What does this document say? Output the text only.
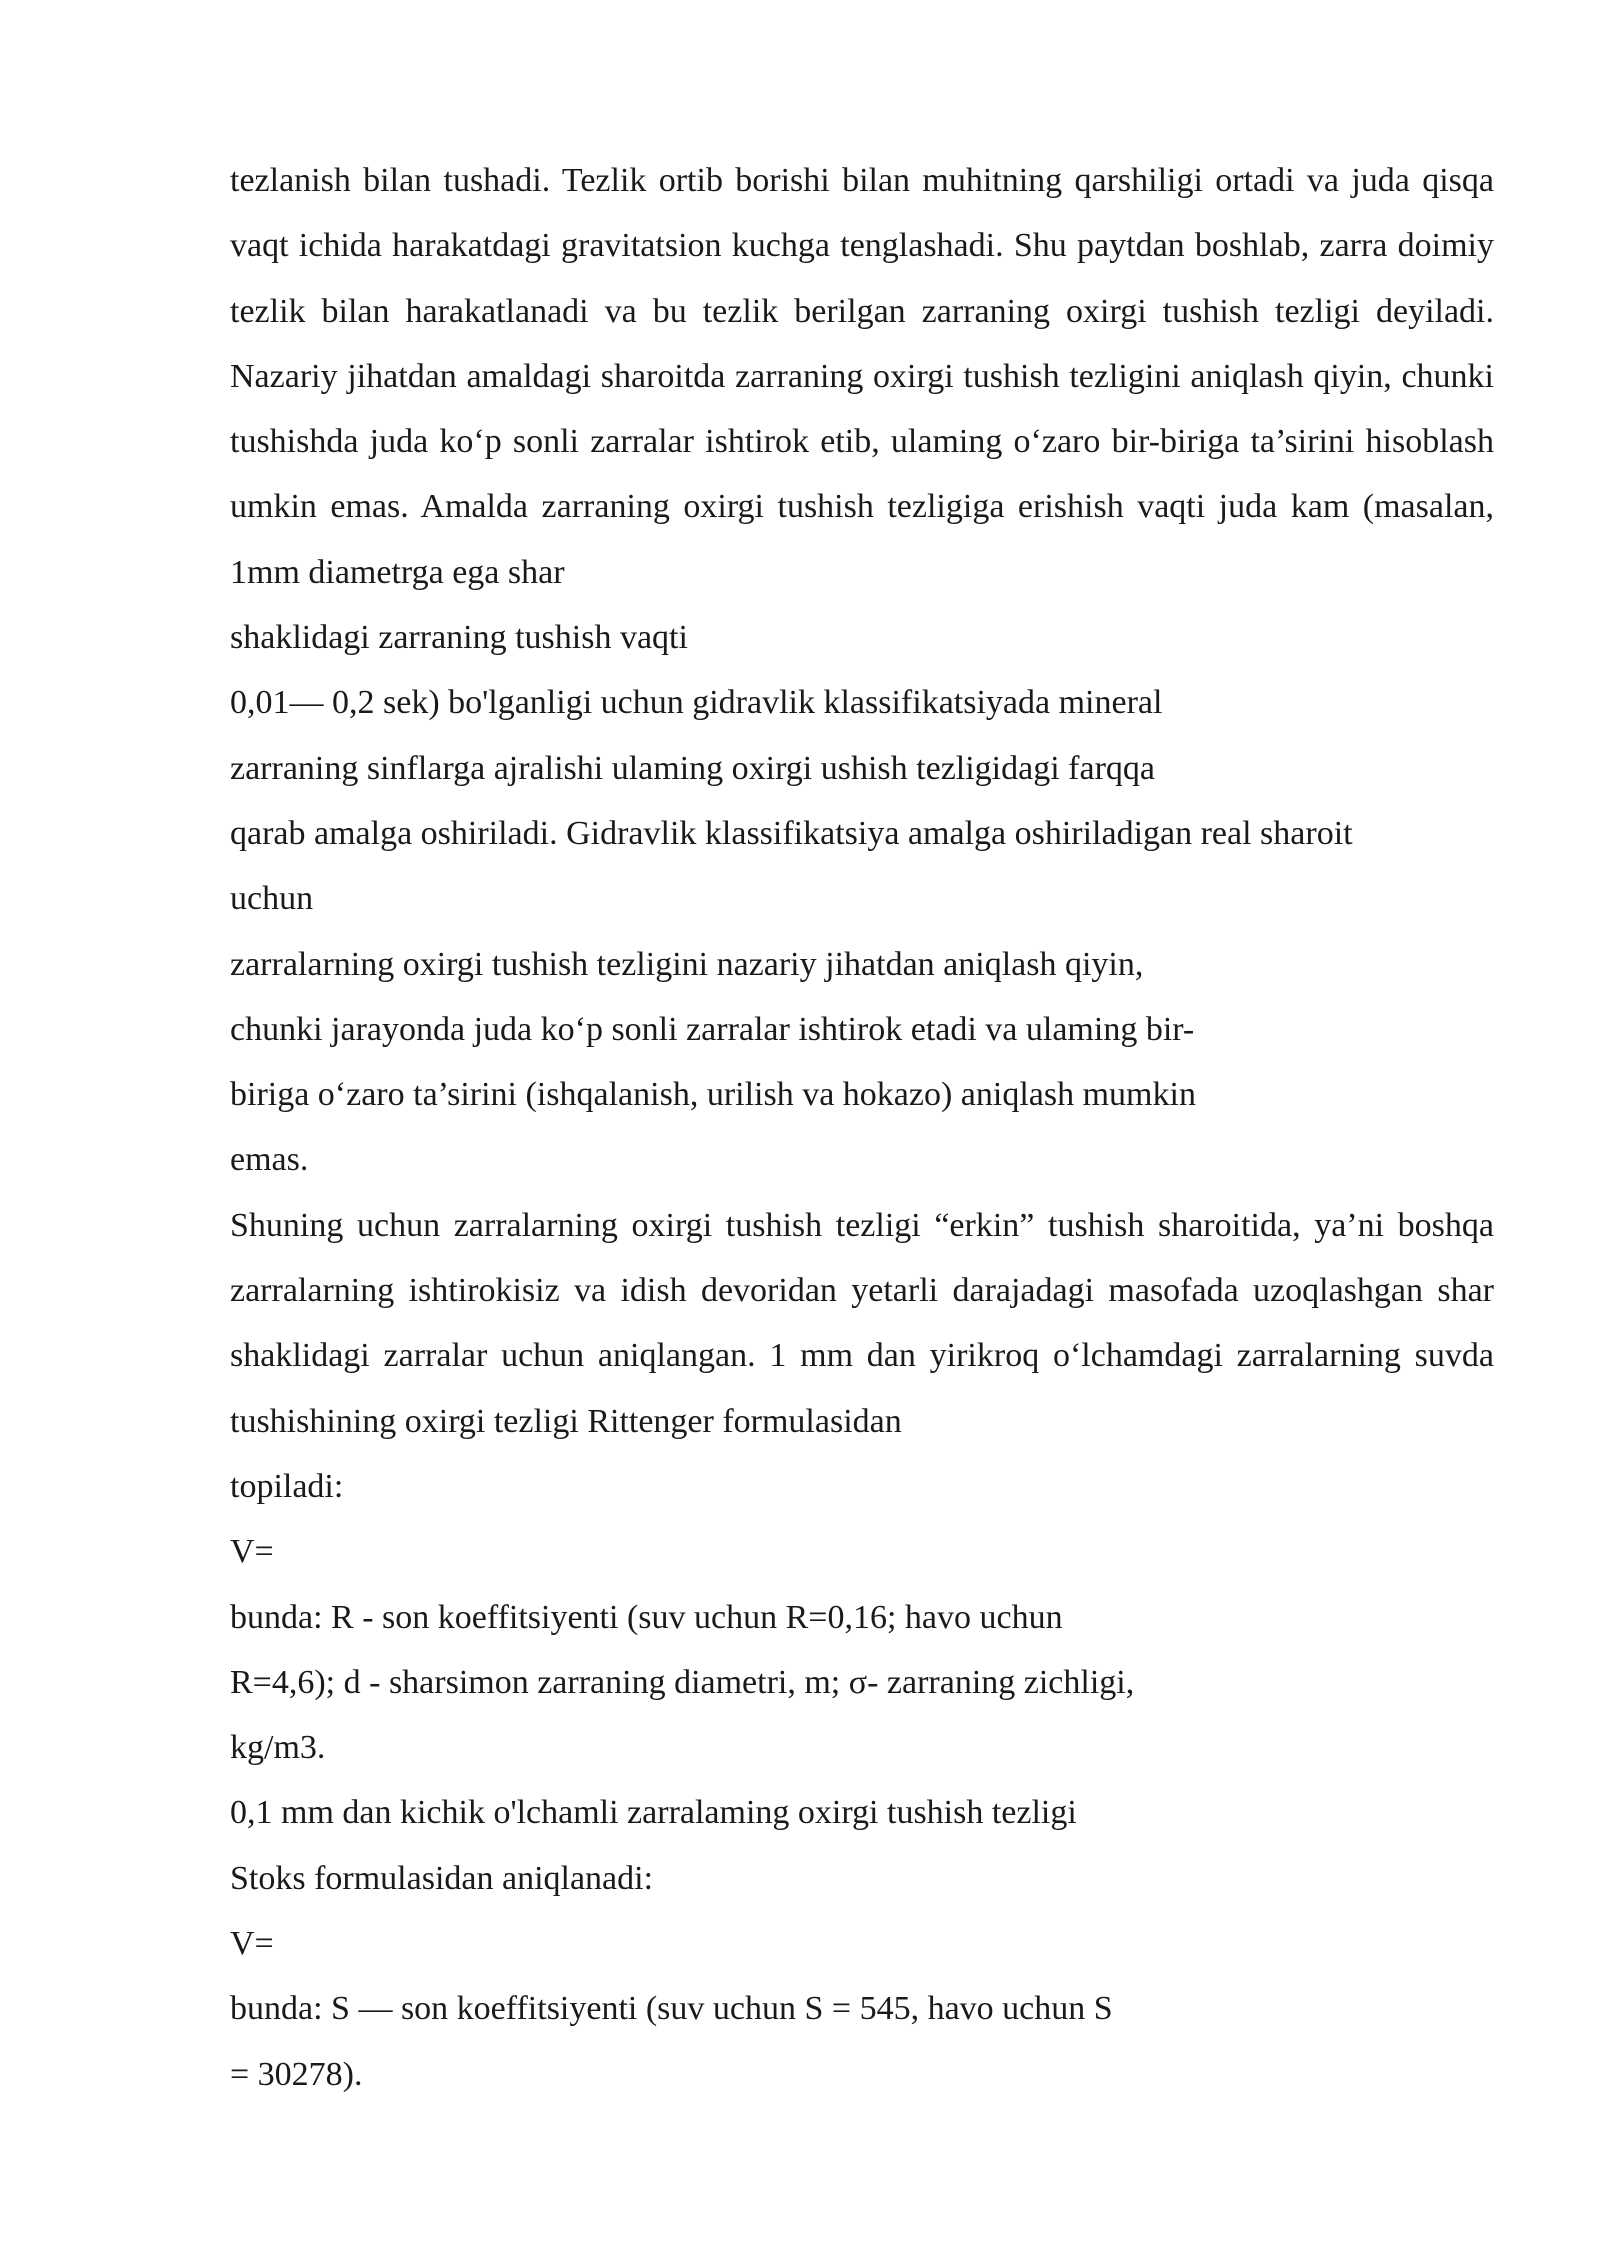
tezlanish bilan tushadi. Tezlik ortib borishi bilan muhitning qarshiligi ortadi va juda qisqa vaqt ichida harakatdagi gravitatsion kuchga tenglashadi. Shu paytdan boshlab, zarra doimiy tezlik bilan harakatlanadi va bu tezlik berilgan zarraning oxirgi tushish tezligi deyiladi. Nazariy jihatdan amaldagi sharoitda zarraning oxirgi tushish tezligini aniqlash qiyin, chunki tushishda juda ko‘p sonli zarralar ishtirok etib, ulaming o‘zaro bir-biriga ta’sirini hisoblash umkin emas. Amalda zarraning oxirgi tushish tezligiga erishish vaqti juda kam (masalan, 1mm diametrga ega shar

shaklidagi zarraning tushish vaqti

0,01— 0,2 sek) bo'lganligi uchun gidravlik klassifikatsiyada mineral

zarraning sinflarga ajralishi ulaming oxirgi ushish tezligidagi farqqa

qarab amalga oshiriladi. Gidravlik klassifikatsiya amalga oshiriladigan real sharoit

uchun

zarralarning oxirgi tushish tezligini nazariy jihatdan aniqlash qiyin,

chunki jarayonda juda ko‘p sonli zarralar ishtirok etadi va ulaming bir-

biriga o‘zaro ta’sirini (ishqalanish, urilish va hokazo) aniqlash mumkin

emas.

Shuning uchun zarralarning oxirgi tushish tezligi “erkin” tushish sharoitida, ya’ni boshqa zarralarning ishtirokisiz va idish devoridan yetarli darajadagi masofada uzoqlashgan shar shaklidagi zarralar uchun aniqlangan. 1 mm dan yirikroq o‘lchamdagi zarralarning suvda tushishining oxirgi tezligi Rittenger formulasidan

topiladi:

V=

bunda: R - son koeffitsiyenti (suv uchun R=0,16; havo uchun

R=4,6); d - sharsimon zarraning diametri, m; σ- zarraning zichligi,

kg/m3.

0,1 mm dan kichik o'lchamli zarralaming oxirgi tushish tezligi

Stoks formulasidan aniqlanadi:

V=

bunda: S — son koeffitsiyenti (suv uchun S = 545, havo uchun S

= 30278).
